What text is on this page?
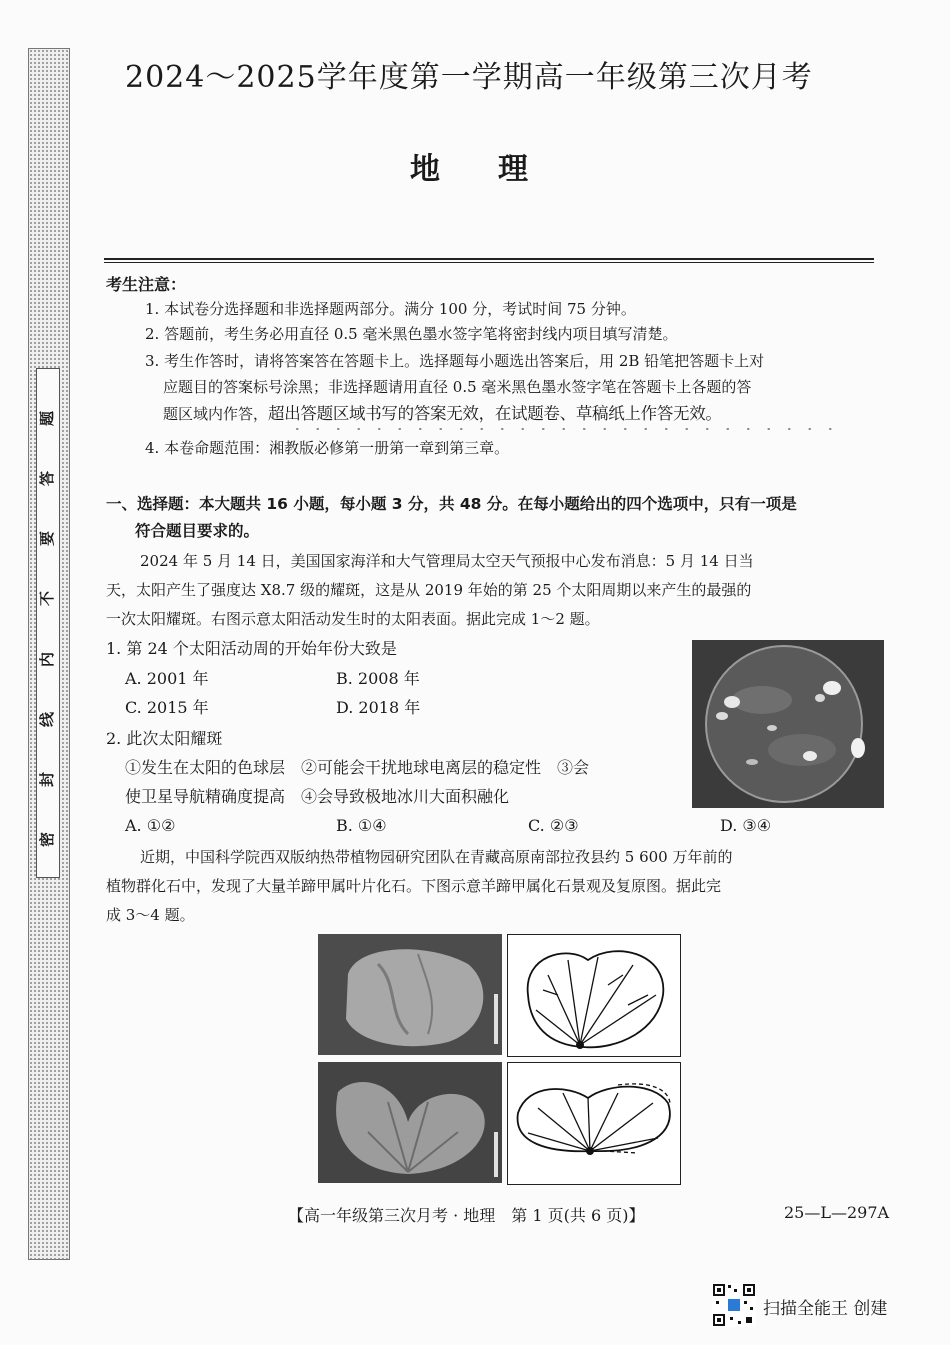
题
答
要
不
内
线
封
密
2024～2025学年度第一学期高一年级第三次月考
地理
考生注意：
1. 本试卷分选择题和非选择题两部分。满分 100 分，考试时间 75 分钟。
2. 答题前，考生务必用直径 0.5 毫米黑色墨水签字笔将密封线内项目填写清楚。
3. 考生作答时，请将答案答在答题卡上。选择题每小题选出答案后，用 2B 铅笔把答题卡上对
应题目的答案标号涂黑；非选择题请用直径 0.5 毫米黑色墨水签字笔在答题卡上各题的答
题区域内作答，超出答题区域书写的答案无效，在试题卷、草稿纸上作答无效。
4. 本卷命题范围：湘教版必修第一册第一章到第三章。
一、选择题：本大题共 16 小题，每小题 3 分，共 48 分。在每小题给出的四个选项中，只有一项是
符合题目要求的。
2024 年 5 月 14 日，美国国家海洋和大气管理局太空天气预报中心发布消息：5 月 14 日当
天，太阳产生了强度达 X8.7 级的耀斑，这是从 2019 年始的第 25 个太阳周期以来产生的最强的
一次太阳耀斑。右图示意太阳活动发生时的太阳表面。据此完成 1～2 题。
1. 第 24 个太阳活动周的开始年份大致是
A. 2001 年	B. 2008 年
C. 2015 年	D. 2018 年
2. 此次太阳耀斑
①发生在太阳的色球层　②可能会干扰地球电离层的稳定性　③会
使卫星导航精确度提高　④会导致极地冰川大面积融化
A. ①②	B. ①④	C. ②③	D. ③④
近期，中国科学院西双版纳热带植物园研究团队在青藏高原南部拉孜县约 5 600 万年前的
植物群化石中，发现了大量羊蹄甲属叶片化石。下图示意羊蹄甲属化石景观及复原图。据此完
成 3～4 题。
【高一年级第三次月考 · 地理　第 1 页(共 6 页)】	25—L—297A
扫描全能王 创建
